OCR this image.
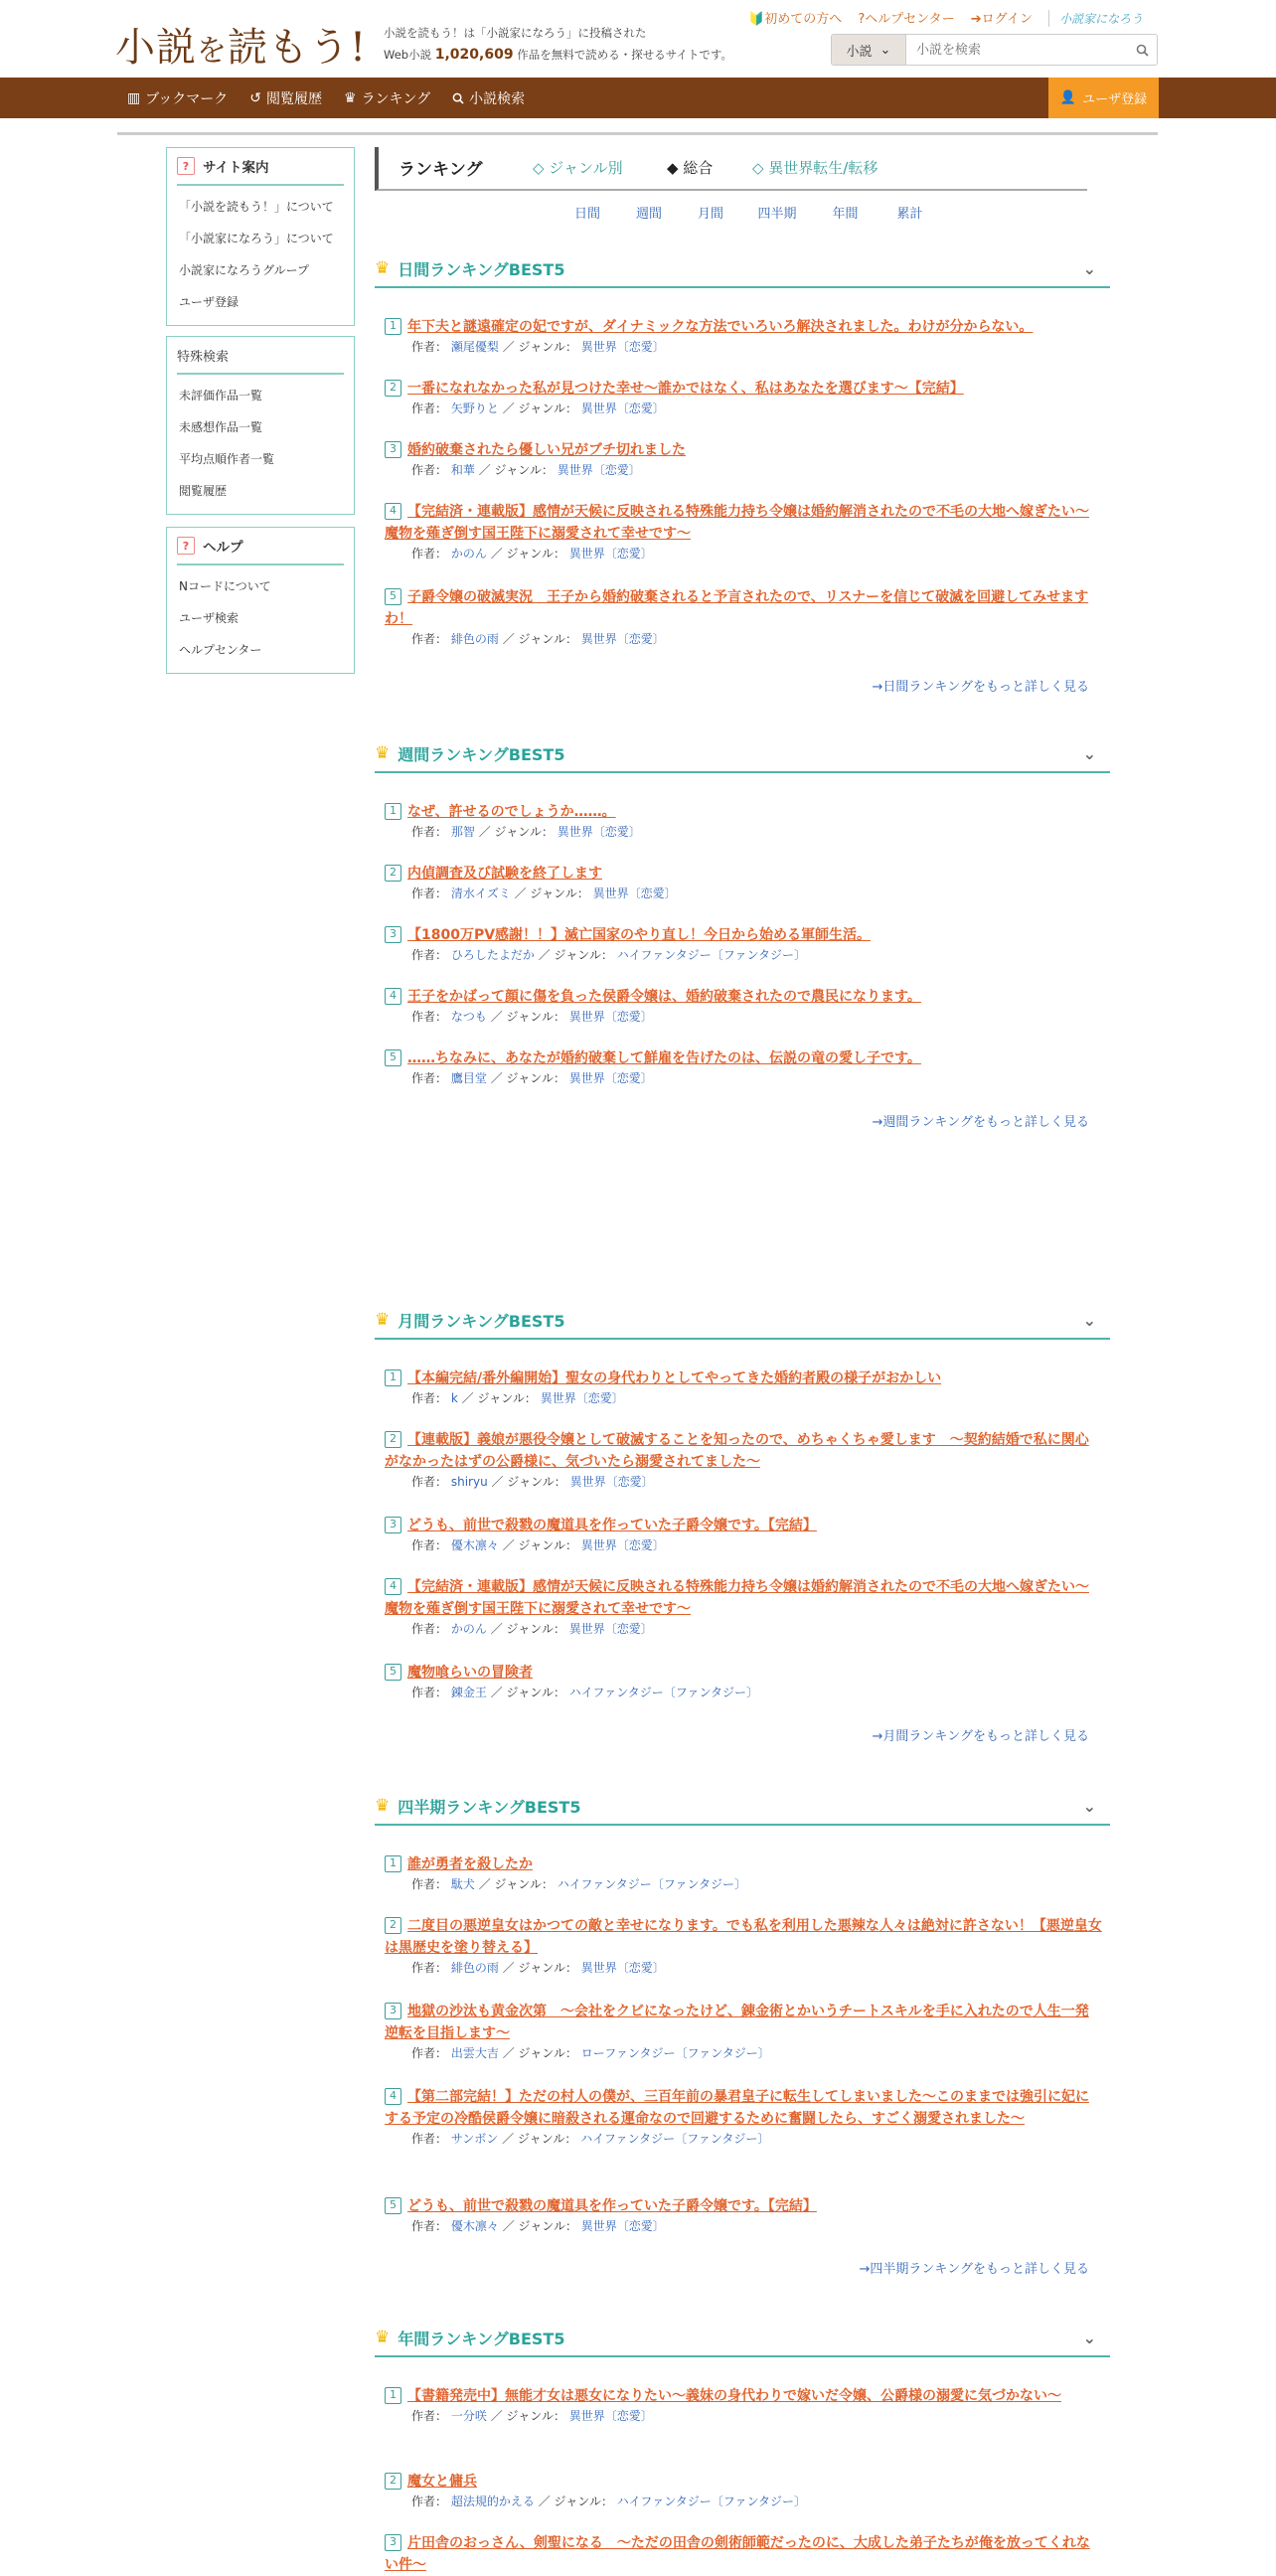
小説を読もう! 小説を読もう！は「小説家になろう」に投稿された
Web小説 1,020,609 作品を無料で読める・探せるサイトです。
🔰初めての方へ ?ヘルプセンター ➔ログイン 小説家になろう
小説 ⌄
小説を検索
▥ ブックマーク ↺ 閲覧履歴 ♛ ランキング	小説検索	👤 ユーザ登録
?	サイト案内
「小説を読もう！」について
「小説家になろう」について
小説家になろうグループ
ユーザ登録
特殊検索
未評価作品一覧
未感想作品一覧
平均点順作者一覧
閲覧履歴
?	ヘルプ
Nコードについて
ユーザ検索
ヘルプセンター
ランキング	◇ ジャンル別	◆ 総合	◇ 異世界転生/転移
日間	週間	月間	四半期	年間	累計
♛ 日間ランキングBEST5	⌄
1 年下夫と謎遠確定の妃ですが、ダイナミックな方法でいろいろ解決されました。わけが分からない。
作者： 瀬尾優梨 ／ ジャンル： 異世界〔恋愛〕
2 一番になれなかった私が見つけた幸せ〜誰かではなく、私はあなたを選びます〜【完結】
作者： 矢野りと ／ ジャンル： 異世界〔恋愛〕
3 婚約破棄されたら優しい兄がブチ切れました
作者： 和華 ／ ジャンル： 異世界〔恋愛〕
4 【完結済・連載版】感情が天候に反映される特殊能力持ち令嬢は婚約解消されたので不毛の大地へ嫁ぎたい～魔物を薙ぎ倒す国王陛下に溺愛されて幸せです～
作者： かのん ／ ジャンル： 異世界〔恋愛〕
5 子爵令嬢の破滅実況　王子から婚約破棄されると予言されたので、リスナーを信じて破滅を回避してみせますわ！
作者： 緋色の雨 ／ ジャンル： 異世界〔恋愛〕
→日間ランキングをもっと詳しく見る
♛ 週間ランキングBEST5	⌄
1 なぜ、許せるのでしょうか……。
作者： 那智 ／ ジャンル： 異世界〔恋愛〕
2 内偵調査及び試験を終了します
作者： 清水イズミ ／ ジャンル： 異世界〔恋愛〕
3 【1800万PV感謝！！】滅亡国家のやり直し！今日から始める軍師生活。
作者： ひろしたよだか ／ ジャンル： ハイファンタジー〔ファンタジー〕
4 王子をかばって顔に傷を負った侯爵令嬢は、婚約破棄されたので農民になります。
作者： なつも ／ ジャンル： 異世界〔恋愛〕
5 ……ちなみに、あなたが婚約破棄して鮮雇を告げたのは、伝説の竜の愛し子です。
作者： 鷹目堂 ／ ジャンル： 異世界〔恋愛〕
→週間ランキングをもっと詳しく見る
♛ 月間ランキングBEST5	⌄
1 【本編完結/番外編開始】聖女の身代わりとしてやってきた婚約者殿の様子がおかしい
作者： k ／ ジャンル： 異世界〔恋愛〕
2 【連載版】義娘が悪役令嬢として破滅することを知ったので、めちゃくちゃ愛します　～契約結婚で私に関心がなかったはずの公爵様に、気づいたら溺愛されてました～
作者： shiryu ／ ジャンル： 異世界〔恋愛〕
3 どうも、前世で殺戮の魔道具を作っていた子爵令嬢です。【完結】
作者： 優木凛々 ／ ジャンル： 異世界〔恋愛〕
4 【完結済・連載版】感情が天候に反映される特殊能力持ち令嬢は婚約解消されたので不毛の大地へ嫁ぎたい～魔物を薙ぎ倒す国王陛下に溺愛されて幸せです～
作者： かのん ／ ジャンル： 異世界〔恋愛〕
5 魔物喰らいの冒険者
作者： 錬金王 ／ ジャンル： ハイファンタジー〔ファンタジー〕
→月間ランキングをもっと詳しく見る
♛ 四半期ランキングBEST5	⌄
1 誰が勇者を殺したか
作者： 駄犬 ／ ジャンル： ハイファンタジー〔ファンタジー〕
2 二度目の悪逆皇女はかつての敵と幸せになります。でも私を利用した悪辣な人々は絶対に許さない！【悪逆皇女は黒歴史を塗り替える】
作者： 緋色の雨 ／ ジャンル： 異世界〔恋愛〕
3 地獄の沙汰も黄金次第　～会社をクビになったけど、錬金術とかいうチートスキルを手に入れたので人生一発逆転を目指します～
作者： 出雲大吉 ／ ジャンル： ローファンタジー〔ファンタジー〕
4 【第二部完結！】ただの村人の僕が、三百年前の暴君皇子に転生してしまいました～このままでは強引に妃にする予定の冷酷侯爵令嬢に暗殺される運命なので回避するために奮闘したら、すごく溺愛されました～
作者： サンボン ／ ジャンル： ハイファンタジー〔ファンタジー〕
5 どうも、前世で殺戮の魔道具を作っていた子爵令嬢です。【完結】
作者： 優木凛々 ／ ジャンル： 異世界〔恋愛〕
→四半期ランキングをもっと詳しく見る
♛ 年間ランキングBEST5	⌄
1 【書籍発売中】無能才女は悪女になりたい～義妹の身代わりで嫁いだ令嬢、公爵様の溺愛に気づかない～
作者： 一分咲 ／ ジャンル： 異世界〔恋愛〕
2 魔女と傭兵
作者： 超法規的かえる ／ ジャンル： ハイファンタジー〔ファンタジー〕
3 片田舎のおっさん、剣聖になる　～ただの田舎の剣術師範だったのに、大成した弟子たちが俺を放ってくれない件～
